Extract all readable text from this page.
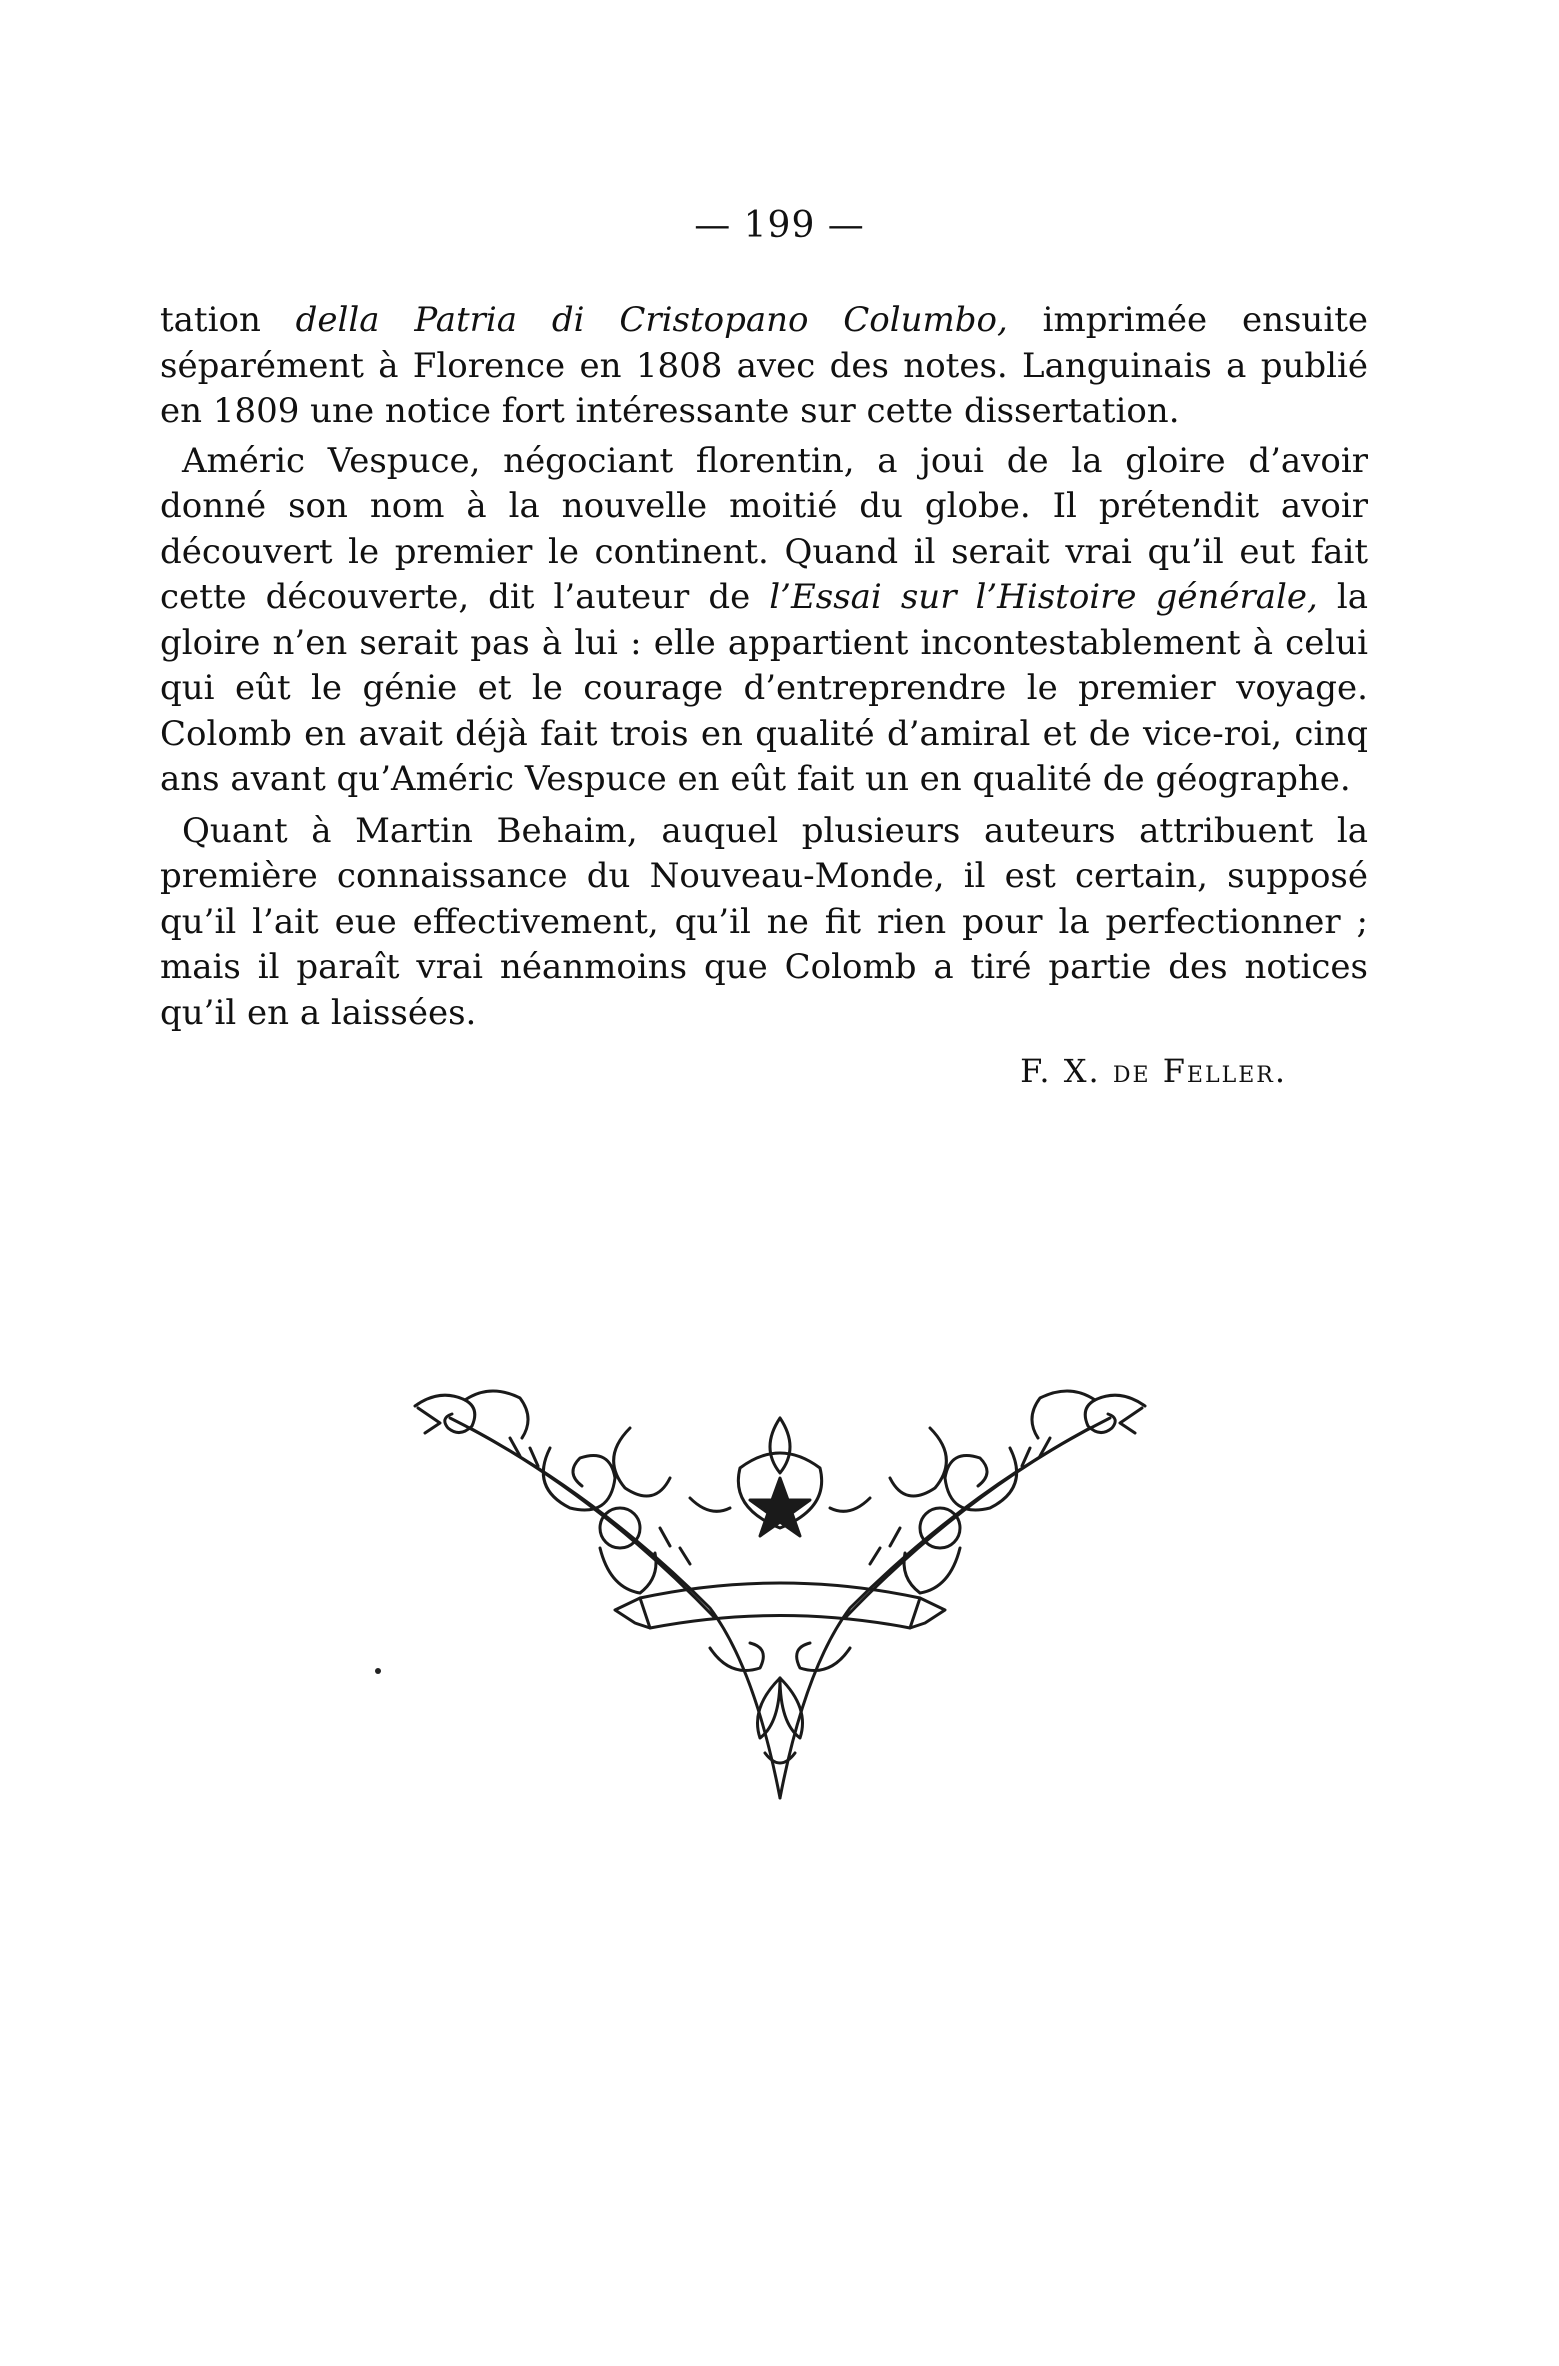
— 199 —

tation della Patria di Cristopano Columbo, imprimée ensuite séparément à Florence en 1808 avec des notes. Languinais a publié en 1809 une notice fort intéressante sur cette dissertation.

Améric Vespuce, négociant florentin, a joui de la gloire d’avoir donné son nom à la nouvelle moitié du globe. Il prétendit avoir découvert le premier le continent. Quand il serait vrai qu’il eut fait cette découverte, dit l’auteur de l’Essai sur l’Histoire générale, la gloire n’en serait pas à lui : elle appartient incontestablement à celui qui eût le génie et le courage d’entreprendre le premier voyage. Colomb en avait déjà fait trois en qualité d’amiral et de vice-roi, cinq ans avant qu’Améric Vespuce en eût fait un en qualité de géographe.

Quant à Martin Behaim, auquel plusieurs auteurs attribuent la première connaissance du Nouveau-Monde, il est certain, supposé qu’il l’ait eue effectivement, qu’il ne fit rien pour la perfectionner ; mais il paraît vrai néanmoins que Colomb a tiré partie des notices qu’il en a laissées.

F. X. de Feller.
